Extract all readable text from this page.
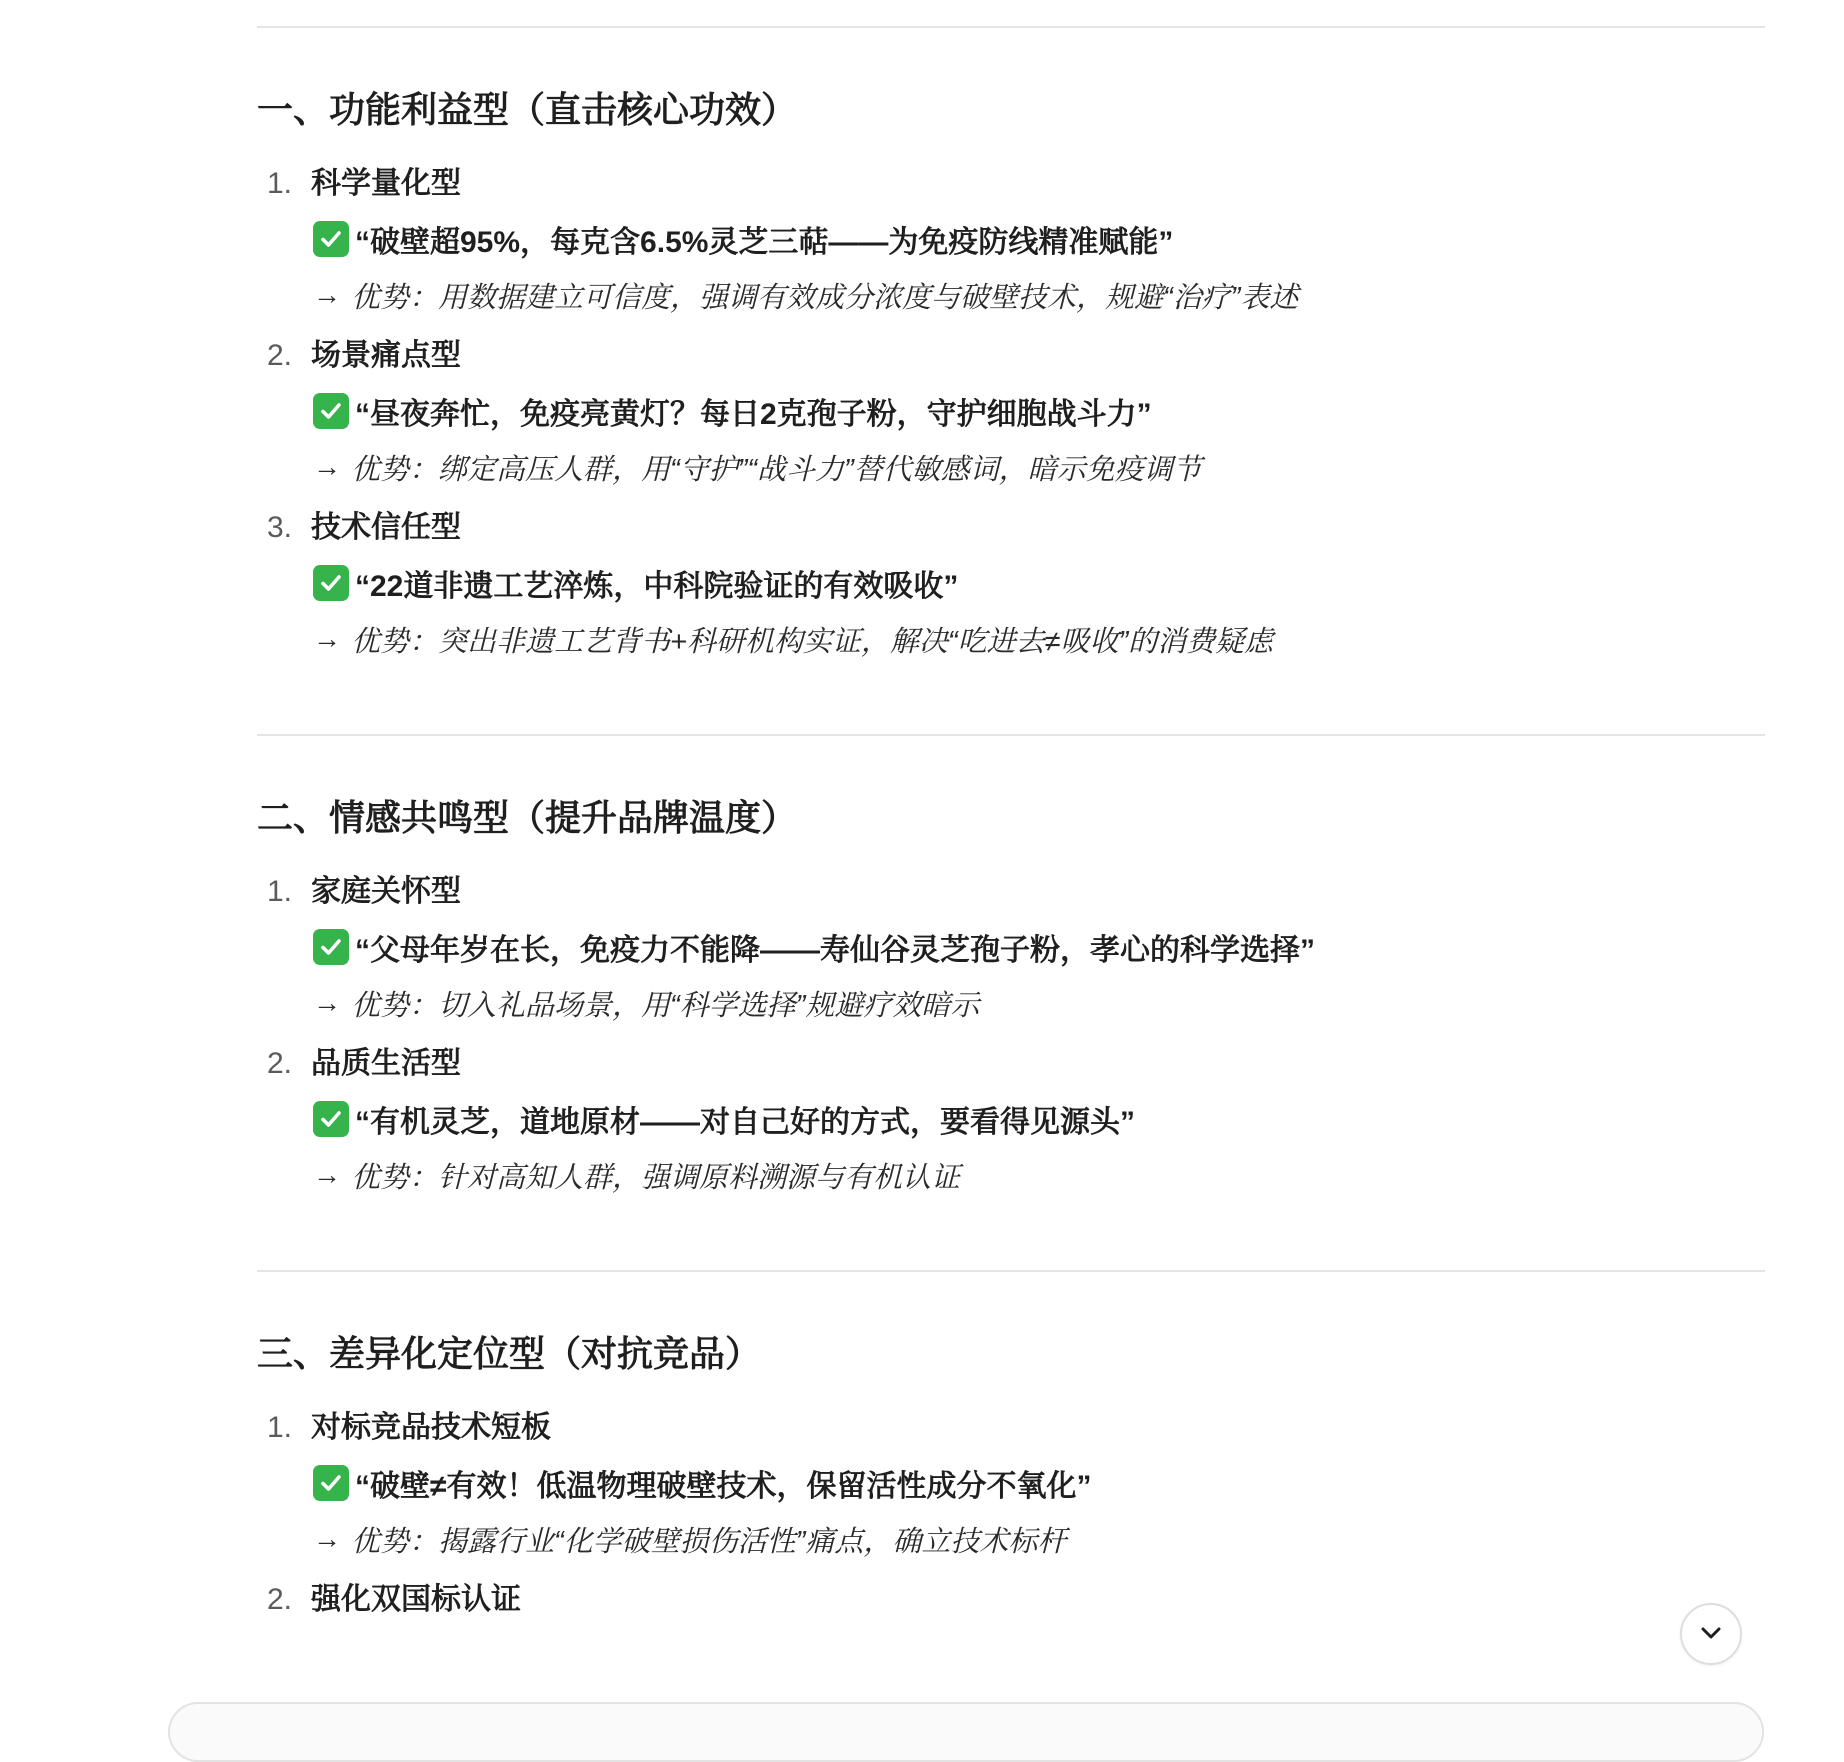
一、功能利益型（直击核心功效）
1. 科学量化型
“破壁超95%，每克含6.5%灵芝三萜——为免疫防线精准赋能”
→ 优势：用数据建立可信度，强调有效成分浓度与破壁技术，规避“治疗”表述
2. 场景痛点型
“昼夜奔忙，免疫亮黄灯？每日2克孢子粉，守护细胞战斗力”
→ 优势：绑定高压人群，用“守护”“战斗力”替代敏感词，暗示免疫调节
3. 技术信任型
“22道非遗工艺淬炼，中科院验证的有效吸收”
→ 优势：突出非遗工艺背书+科研机构实证，解决“吃进去≠吸收”的消费疑虑
二、情感共鸣型（提升品牌温度）
1. 家庭关怀型
“父母年岁在长，免疫力不能降——寿仙谷灵芝孢子粉，孝心的科学选择”
→ 优势：切入礼品场景，用“科学选择”规避疗效暗示
2. 品质生活型
“有机灵芝，道地原材——对自己好的方式，要看得见源头”
→ 优势：针对高知人群，强调原料溯源与有机认证
三、差异化定位型（对抗竞品）
1. 对标竞品技术短板
“破壁≠有效！低温物理破壁技术，保留活性成分不氧化”
→ 优势：揭露行业“化学破壁损伤活性”痛点，确立技术标杆
2. 强化双国标认证
